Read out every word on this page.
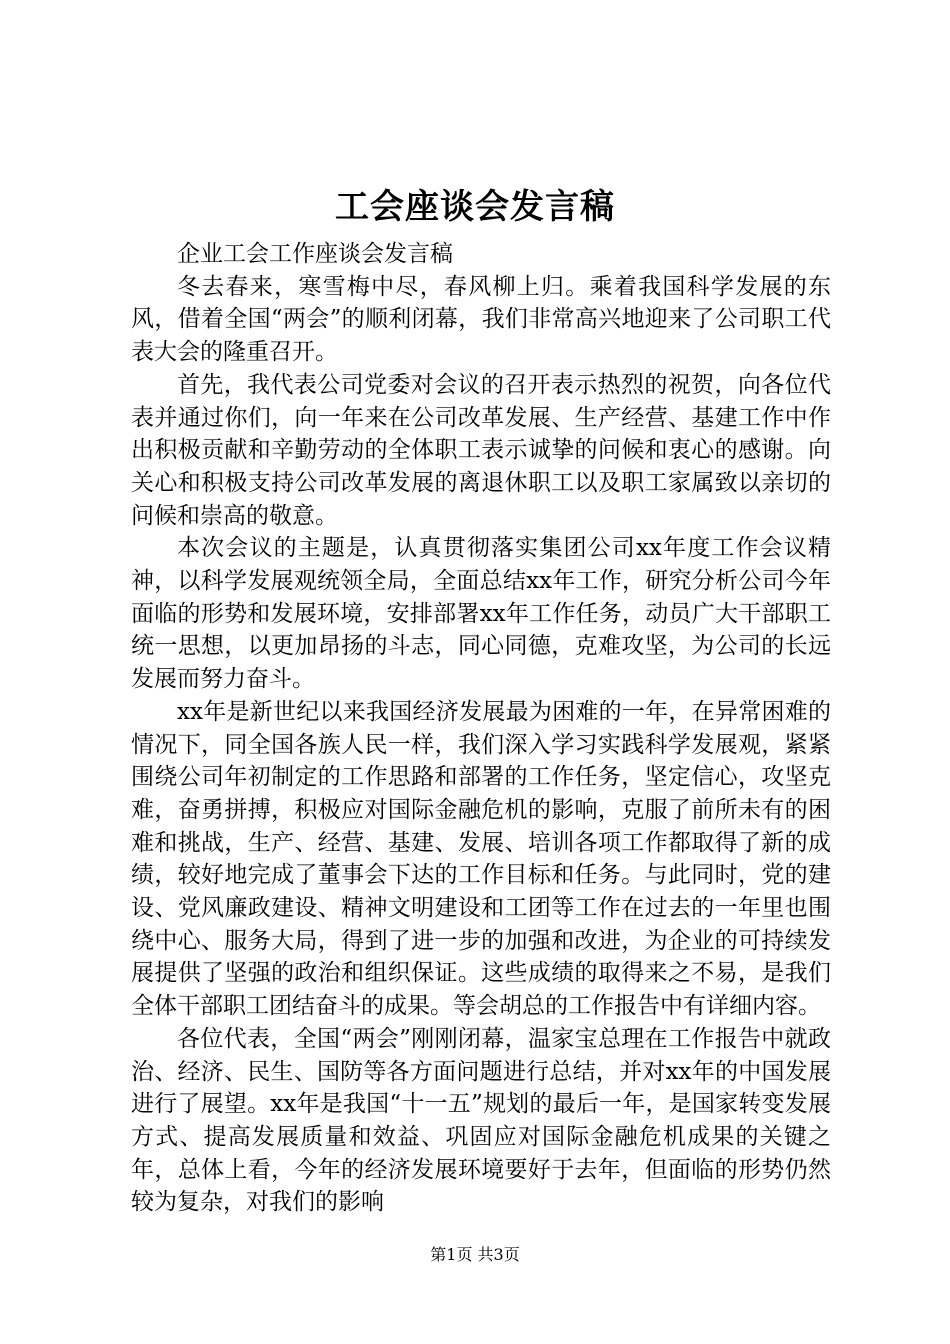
工会座谈会发言稿

企业工会工作座谈会发言稿

冬去春来，寒雪梅中尽，春风柳上归。乘着我国科学发展的东风，借着全国“两会”的顺利闭幕，我们非常高兴地迎来了公司职工代表大会的隆重召开。

首先，我代表公司党委对会议的召开表示热烈的祝贺，向各位代表并通过你们，向一年来在公司改革发展、生产经营、基建工作中作出积极贡献和辛勤劳动的全体职工表示诚挚的问候和衷心的感谢。向关心和积极支持公司改革发展的离退休职工以及职工家属致以亲切的问候和崇高的敬意。

本次会议的主题是，认真贯彻落实集团公司xx年度工作会议精神，以科学发展观统领全局，全面总结xx年工作，研究分析公司今年面临的形势和发展环境，安排部署xx年工作任务，动员广大干部职工统一思想，以更加昂扬的斗志，同心同德，克难攻坚，为公司的长远发展而努力奋斗。

xx年是新世纪以来我国经济发展最为困难的一年，在异常困难的情况下，同全国各族人民一样，我们深入学习实践科学发展观，紧紧围绕公司年初制定的工作思路和部署的工作任务，坚定信心，攻坚克难，奋勇拼搏，积极应对国际金融危机的影响，克服了前所未有的困难和挑战，生产、经营、基建、发展、培训各项工作都取得了新的成绩，较好地完成了董事会下达的工作目标和任务。与此同时，党的建设、党风廉政建设、精神文明建设和工团等工作在过去的一年里也围绕中心、服务大局，得到了进一步的加强和改进，为企业的可持续发展提供了坚强的政治和组织保证。这些成绩的取得来之不易，是我们全体干部职工团结奋斗的成果。等会胡总的工作报告中有详细内容。

各位代表，全国“两会”刚刚闭幕，温家宝总理在工作报告中就政治、经济、民生、国防等各方面问题进行总结，并对xx年的中国发展进行了展望。xx年是我国“十一五”规划的最后一年，是国家转变发展方式、提高发展质量和效益、巩固应对国际金融危机成果的关键之年，总体上看，今年的经济发展环境要好于去年，但面临的形势仍然较为复杂，对我们的影响

第1页 共3页
